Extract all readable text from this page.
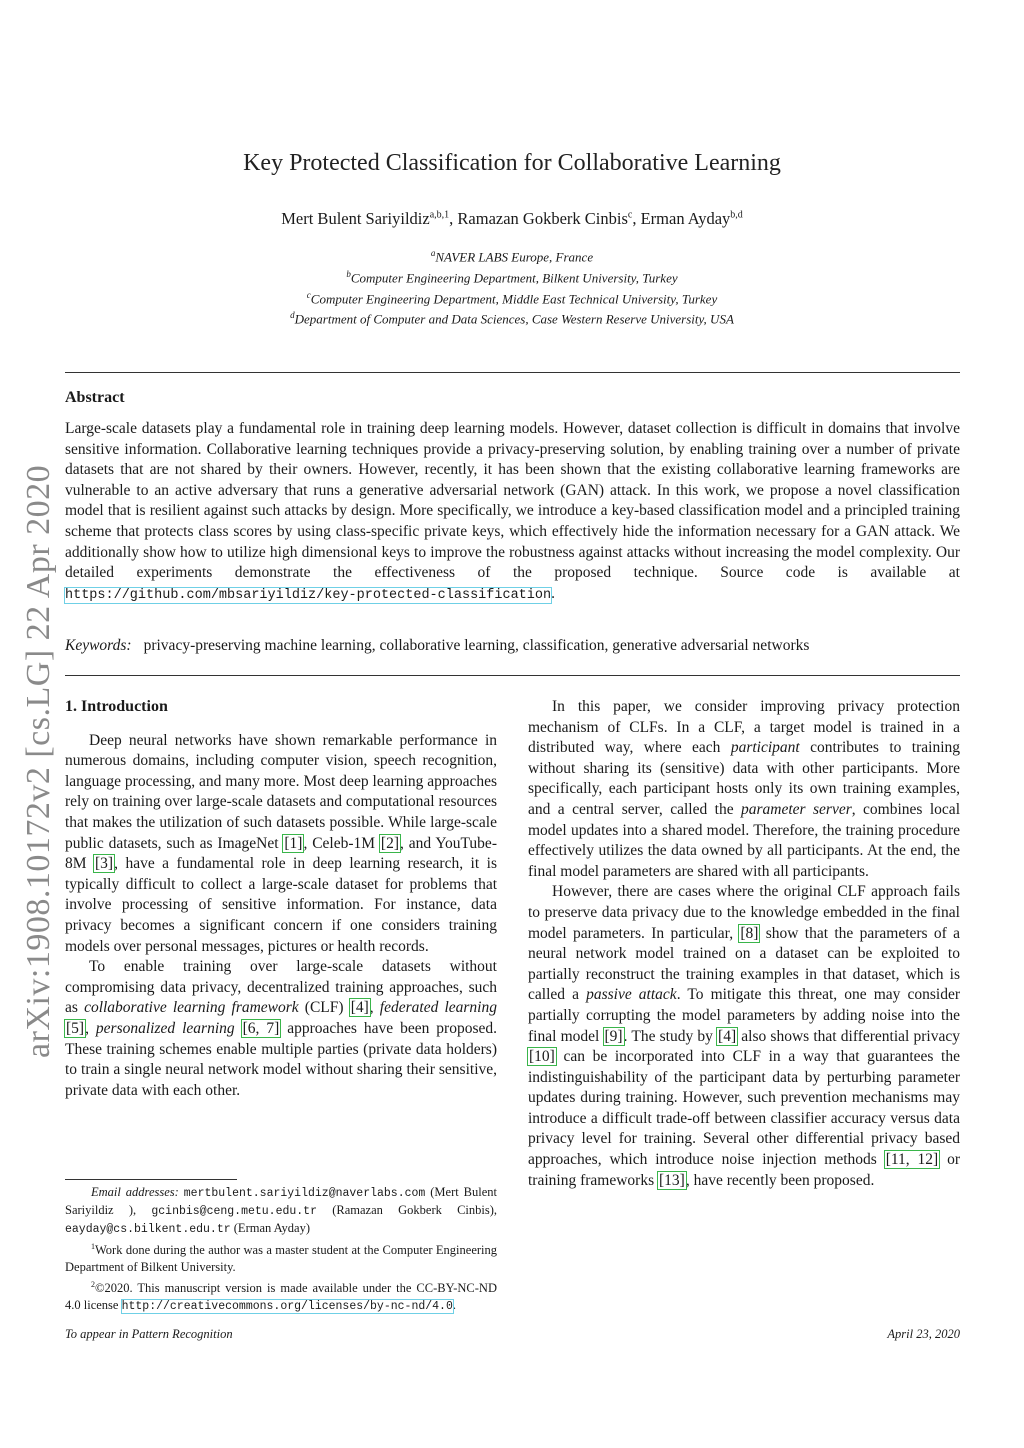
arXiv:1908.10172v2 [cs.LG] 22 Apr 2020
Key Protected Classification for Collaborative Learning
Mert Bulent Sariyildiz$^{a,b,1}$, Ramazan Gokberk Cinbis$^c$, Erman Ayday$^{b,d}$
$^a$NAVER LABS Europe, France
$^b$Computer Engineering Department, Bilkent University, Turkey
$^c$Computer Engineering Department, Middle East Technical University, Turkey
$^d$Department of Computer and Data Sciences, Case Western Reserve University, USA
Abstract
Large-scale datasets play a fundamental role in training deep learning models. However, dataset collection is difficult in domains that involve sensitive information. Collaborative learning techniques provide a privacy-preserving solution, by enabling training over a number of private datasets that are not shared by their owners. However, recently, it has been shown that the existing collaborative learning frameworks are vulnerable to an active adversary that runs a generative adversarial network (GAN) attack. In this work, we propose a novel classification model that is resilient against such attacks by design. More specifically, we introduce a key-based classification model and a principled training scheme that protects class scores by using class-specific private keys, which effectively hide the information necessary for a GAN attack. We additionally show how to utilize high dimensional keys to improve the robustness against attacks without increasing the model complexity. Our detailed experiments demonstrate the effectiveness of the proposed technique. Source code is available at https://github.com/mbsariyildiz/key-protected-classification.
Keywords: privacy-preserving machine learning, collaborative learning, classification, generative adversarial networks
1. Introduction

Deep neural networks have shown remarkable performance in numerous domains, including computer vision, speech recognition, language processing, and many more. Most deep learning approaches rely on training over large-scale datasets and computational resources that makes the utilization of such datasets possible. While large-scale public datasets, such as ImageNet [1], Celeb-1M [2], and YouTube-8M [3], have a fundamental role in deep learning research, it is typically difficult to collect a large-scale dataset for problems that involve processing of sensitive information. For instance, data privacy becomes a significant concern if one considers training models over personal messages, pictures or health records.

To enable training over large-scale datasets without compromising data privacy, decentralized training approaches, such as collaborative learning framework (CLF) [4], federated learning [5], personalized learning [6, 7] approaches have been proposed. These training schemes enable multiple parties (private data holders) to train a single neural network model without sharing their sensitive, private data with each other.

Email addresses: mertbulent.sariyildiz@naverlabs.com (Mert Bulent Sariyildiz ), gcinbis@ceng.metu.edu.tr (Ramazan Gokberk Cinbis), eayday@cs.bilkent.edu.tr (Erman Ayday)

$^1$Work done during the author was a master student at the Computer Engineering Department of Bilkent University.

$^2$©2020. This manuscript version is made available under the CC-BY-NC-ND 4.0 license http://creativecommons.org/licenses/by-nc-nd/4.0.

In this paper, we consider improving privacy protection mechanism of CLFs. In a CLF, a target model is trained in a distributed way, where each participant contributes to training without sharing its (sensitive) data with other participants. More specifically, each participant hosts only its own training examples, and a central server, called the parameter server, combines local model updates into a shared model. Therefore, the training procedure effectively utilizes the data owned by all participants. At the end, the final model parameters are shared with all participants.

However, there are cases where the original CLF approach fails to preserve data privacy due to the knowledge embedded in the final model parameters. In particular, [8] show that the parameters of a neural network model trained on a dataset can be exploited to partially reconstruct the training examples in that dataset, which is called a passive attack. To mitigate this threat, one may consider partially corrupting the model parameters by adding noise into the final model [9]. The study by [4] also shows that differential privacy [10] can be incorporated into CLF in a way that guarantees the indistinguishability of the participant data by perturbing parameter updates during training. However, such prevention mechanisms may introduce a difficult trade-off between classifier accuracy versus data privacy level for training. Several other differential privacy based approaches, which introduce noise injection methods [11, 12] or training frameworks [13], have recently been proposed.

To appear in Pattern Recognition	April 23, 2020
